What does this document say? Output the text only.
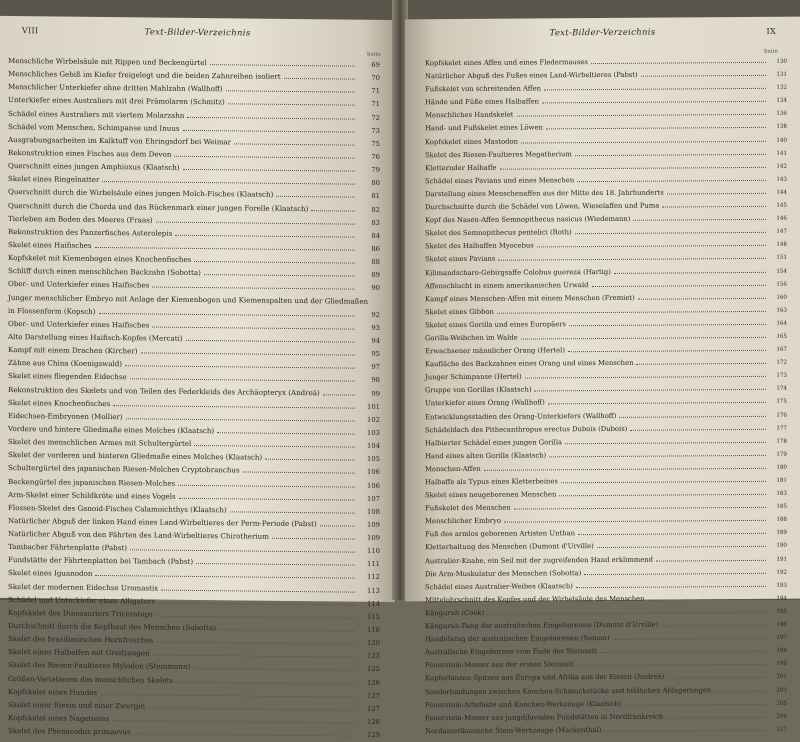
VIII	Text-Bilder-Verzeichnis
Seite
Menschliche Wirbelsäule mit Rippen und Beckengürtel	69
Menschliches Gebiß im Kiefer freigelegt und die beiden Zahnreihen isoliert	70
Menschlicher Unterkiefer ohne dritten Mahlzahn (Wallhoff)	71
Unterkiefer eines Australiers mit drei Prämolaren (Schmitz)	71
Schädel eines Australiers mit viertem Molarzahn	72
Schädel vom Menschen, Schimpanse und Inuus	73
Ausgrabungsarbeiten im Kalktuff von Ehringsdorf bei Weimar	75
Rekonstruktion eines Fisches aus dem Devon	76
Querschnitt eines jungen Amphioxus (Klaatsch)	79
Skelet eines Ringelnatter	80
Querschnitt durch die Wirbelsäule eines jungen Molch-Fisches (Klaatsch)	81
Querschnitt durch die Chorda und das Rückenmark einer jungen Forelle (Klaatsch)	82
Tierleben am Boden des Meeres (Fraas)	83
Rekonstruktion des Panzerfisches Asterolepis	84
Skelet eines Haifisches	86
Kopfskelet mit Kiemenbogen eines Knochenfisches	88
Schliff durch einen menschlichen Backzahn (Sobotta)	89
Ober- und Unterkiefer eines Haifisches	90
Junger menschlicher Embryo mit Anlage der Kiemenbogen und Kiemenspalten und der Gliedmaßen
in Flossenform (Kopsch)	92
Ober- und Unterkiefer eines Haifisches	93
Alte Darstellung eines Haifisch-Kopfes (Mercati)	94
Kampf mit einem Drachen (Kircher)	95
Zähne aus China (Koenigswald)	97
Skelet eines fliegenden Eidechse	98
Rekonstruktion des Skelets und von Teilen des Federkleids des Archäopteryx (Andreä)	99
Skelet eines Knochenfisches	101
Eidechsen-Embryonen (Mollier)	102
Vordere und hintere Gliedmaße eines Molches (Klaatsch)	103
Skelet des menschlichen Armes mit Schultergürtel	104
Skelet der vorderen und hinteren Gliedmaße eines Molches (Klaatsch)	105
Schultergürtel des japanischen Riesen-Molches Cryptobranchus	106
Beckengürtel des japanischen Riesen-Molches	106
Arm-Skelet einer Schildkröte und eines Vogels	107
Flossen-Skelet des Ganoid-Fisches Calamoichthys (Klaatsch)	108
Natürlicher Abguß der linken Hand eines Land-Wirbeltieres der Perm-Periode (Pabst)	109
Natürlicher Abguß von den Fährten des Land-Wirbeltieres Chirotherium	109
Tambacher Fährtenplatte (Pabst)	110
Fundstätte der Fährtenplatten bei Tambach (Pabst)	111
Skelet eines Iguanodon	112
Skelet der modernen Eidechse Uromastix	113
Schädel und Unterkiefer eines Alligators	114
Kopfskelet des Dinosauriers Triceratops	115
Durchschnitt durch die Kopfhaut des Menschen (Sobotta)	116
Skelet des brasilianischen Hornfrosches	120
Skelet eines Halbaffen mit Greifzangen	123
Skelet des Riesen-Faultieres Mylodon (Steinmann)	125
Größen-Variationen des menschlichen Skelets	126
Kopfskelet eines Hundes	127
Skelet einer Riesin und einer Zwergin	127
Kopfskelet eines Nagetieres	128
Skelet des Phenacodus primaevus	129
Text-Bilder-Verzeichnis	IX
Seite
Kopfskelet eines Affen und eines Fledermauses	130
Natürlicher Abguß des Fußes eines Land-Wirbeltieres (Pabst)	131
Fußskelet von schreitenden Affen	132
Hände und Füße eines Halbaffen	134
Menschliches Handskelet	136
Hand- und Fußskelet eines Löwen	138
Kopfskelet eines Mastodon	140
Skelet des Riesen-Faultieres Megatherium	141
Kletternder Halbaffe	142
Schädel eines Pavians und eines Menschen	143
Darstellung eines Menschenaffen aus der Mitte des 18. Jahrhunderts	144
Durchschnitte durch die Schädel von Löwen, Wieselaffen und Puma	145
Kopf des Nasen-Affen Semnopithecus nasicus (Wiedemann)	146
Skelet des Semnopithecus pentelici (Roth)	147
Skelet des Halbaffen Myocebus	148
Skelet eines Pavians	151
Kilimandscharo-Gebirgsaffe Colobus guereza (Hartig)	154
Affenschlucht in einem amerikanischen Urwald	156
Kampf eines Menschen-Affen mit einem Menschen (Fremiet)	160
Skelet eines Gibbon	163
Skelet eines Gorilla und eines Europäers	164
Gorilla-Weibchen im Walde	165
Erwachsener männlicher Orang (Hertel)	167
Kaufläche des Backzahnes eines Orang und eines Menschen	172
Junger Schimpanse (Hertel)	173
Gruppe von Gorillas (Klaatsch)	174
Unterkiefer eines Orang (Wallhoff)	175
Entwicklungsstadien des Orang-Unterkiefers (Wallhoff)	176
Schädeldach des Pithecanthropus erectus Dubois (Dubois)	177
Halbierter Schädel eines jungen Gorilla	178
Hand eines alten Gorilla (Klaatsch)	179
Menschen-Affen	180
Halbaffe als Typus eines Kletterbeines	181
Skelet eines neugeborenen Menschen	183
Fußskelet des Menschen	185
Menschlicher Embryo	188
Fuß des armlos geborenen Artisten Unthan	189
Kletterhaltung des Menschen (Dumont d'Urville)	190
Australier-Knabe, ein Seil mit der zugreifenden Hand erklimmend	191
Die Arm-Muskulatur des Menschen (Sobotta)	192
Schädel eines Australier-Weibes (Klaatsch)	193
Mittelohrschnitt des Kopfes und der Wirbelsäule des Menschen	194
Känguruh (Cook)	195
Känguruh-Fang der australischen Eingeborenen (Dumont d'Urville)	196
Handelszug der australischen Eingeborenen (Semon)	197
Australische Eingeborene vom Ende der Steinzeit	198
Feuerstein-Messer aus der ersten Steinzeit	199
Kupferlanzen-Spitzen aus Europa und Afrika aus der Eiszeit (Andreä)	201
Sonderbindungen zwischen Knochen-Schmuckstücke und bildlichen Ablagerungen	203
Feuerstein-Artefakte und Knochen-Werkzeuge (Klaatsch)	205
Feuerstein-Messer aus jungdiluvialen Fundstätten in Nordfrankreich	209
Nordamerikanische Stein-Werkzeuge (Mackenthal)	217
